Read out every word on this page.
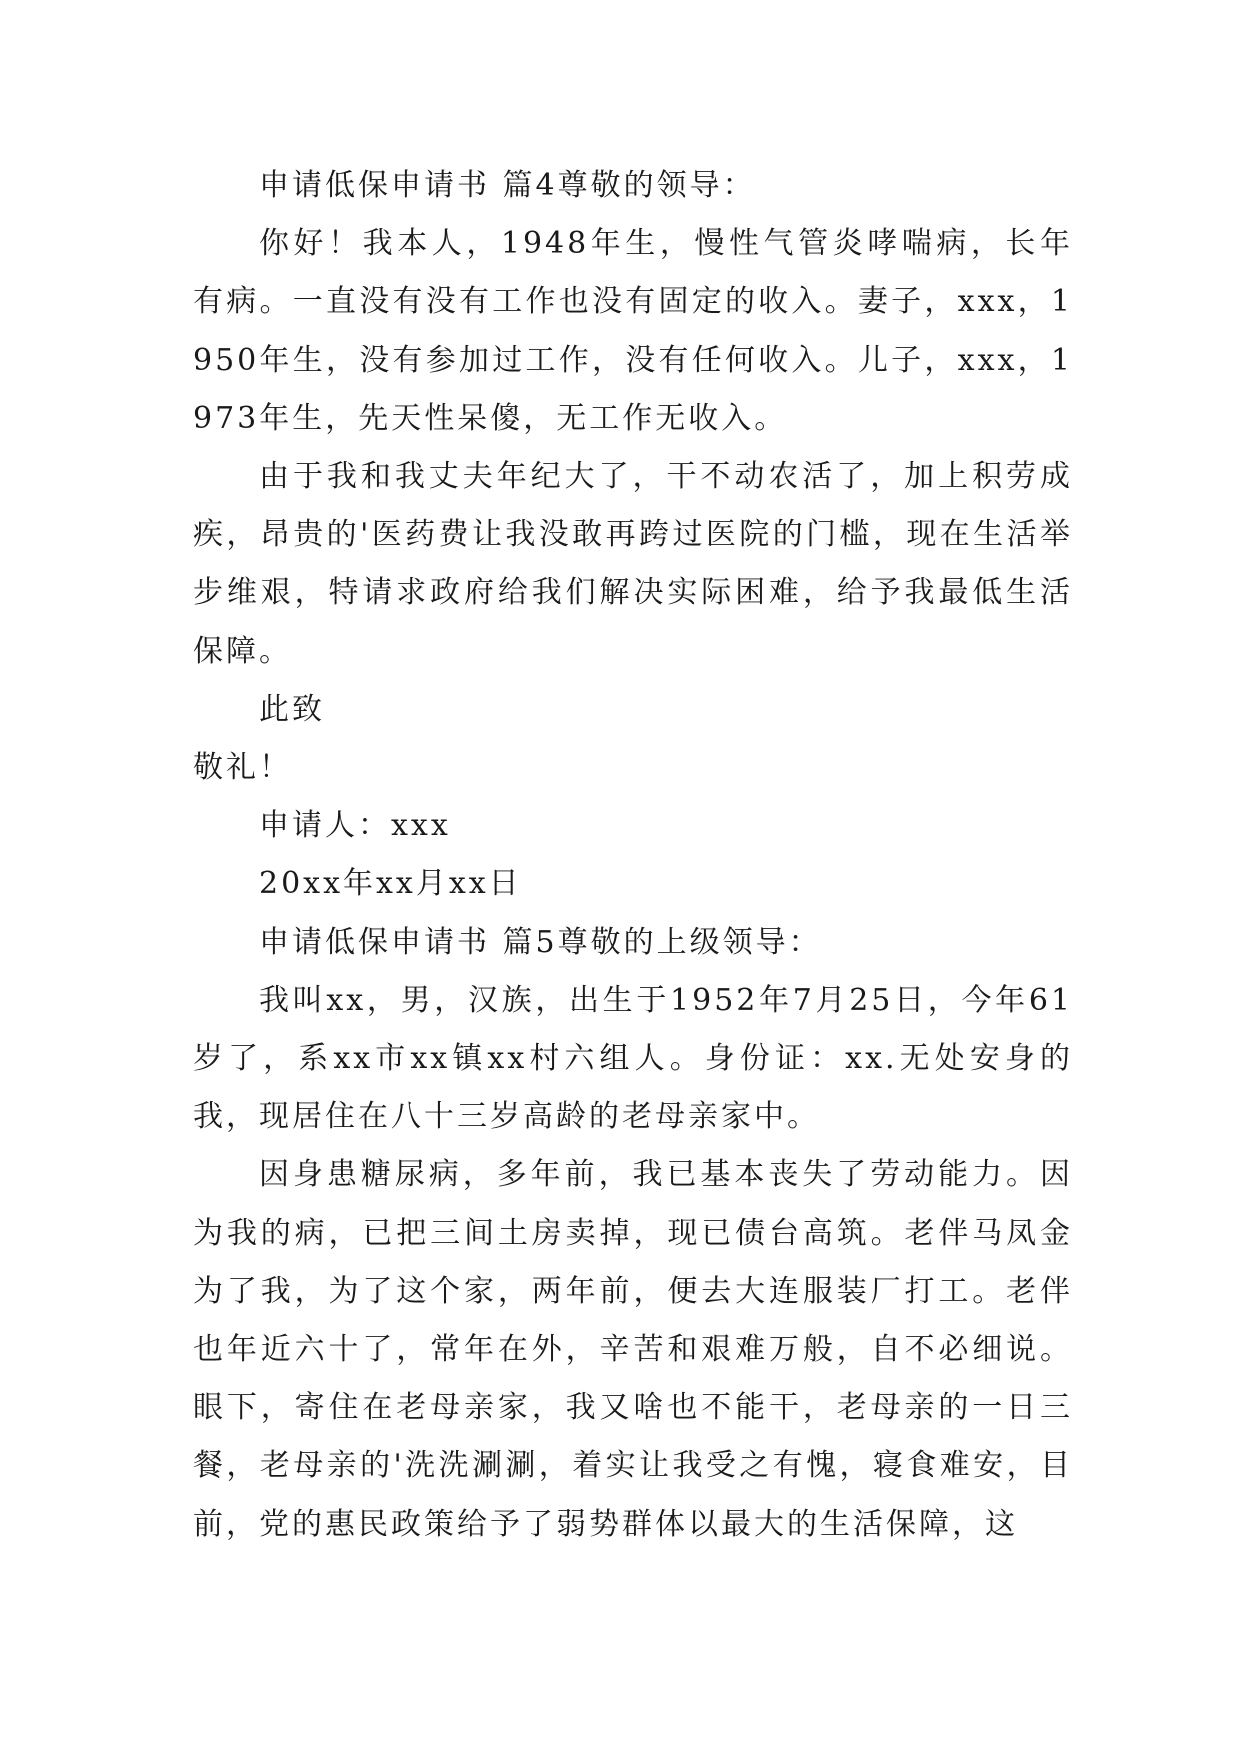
申请低保申请书 篇4尊敬的领导：

你好！我本人，1948年生，慢性气管炎哮喘病，长年有病。一直没有没有工作也没有固定的收入。妻子，xxx，1950年生，没有参加过工作，没有任何收入。儿子，xxx，1973年生，先天性呆傻，无工作无收入。

由于我和我丈夫年纪大了，干不动农活了，加上积劳成疾，昂贵的'医药费让我没敢再跨过医院的门槛，现在生活举步维艰，特请求政府给我们解决实际困难，给予我最低生活保障。

此致

敬礼！

申请人：xxx

20xx年xx月xx日

申请低保申请书 篇5尊敬的上级领导：

我叫xx，男，汉族，出生于1952年7月25日，今年61岁了，系xx市xx镇xx村六组人。身份证：xx.无处安身的我，现居住在八十三岁高龄的老母亲家中。

因身患糖尿病，多年前，我已基本丧失了劳动能力。因为我的病，已把三间土房卖掉，现已债台高筑。老伴马凤金为了我，为了这个家，两年前，便去大连服装厂打工。老伴也年近六十了，常年在外，辛苦和艰难万般，自不必细说。眼下，寄住在老母亲家，我又啥也不能干，老母亲的一日三餐，老母亲的'洗洗涮涮，着实让我受之有愧，寝食难安，目前，党的惠民政策给予了弱势群体以最大的生活保障，这
